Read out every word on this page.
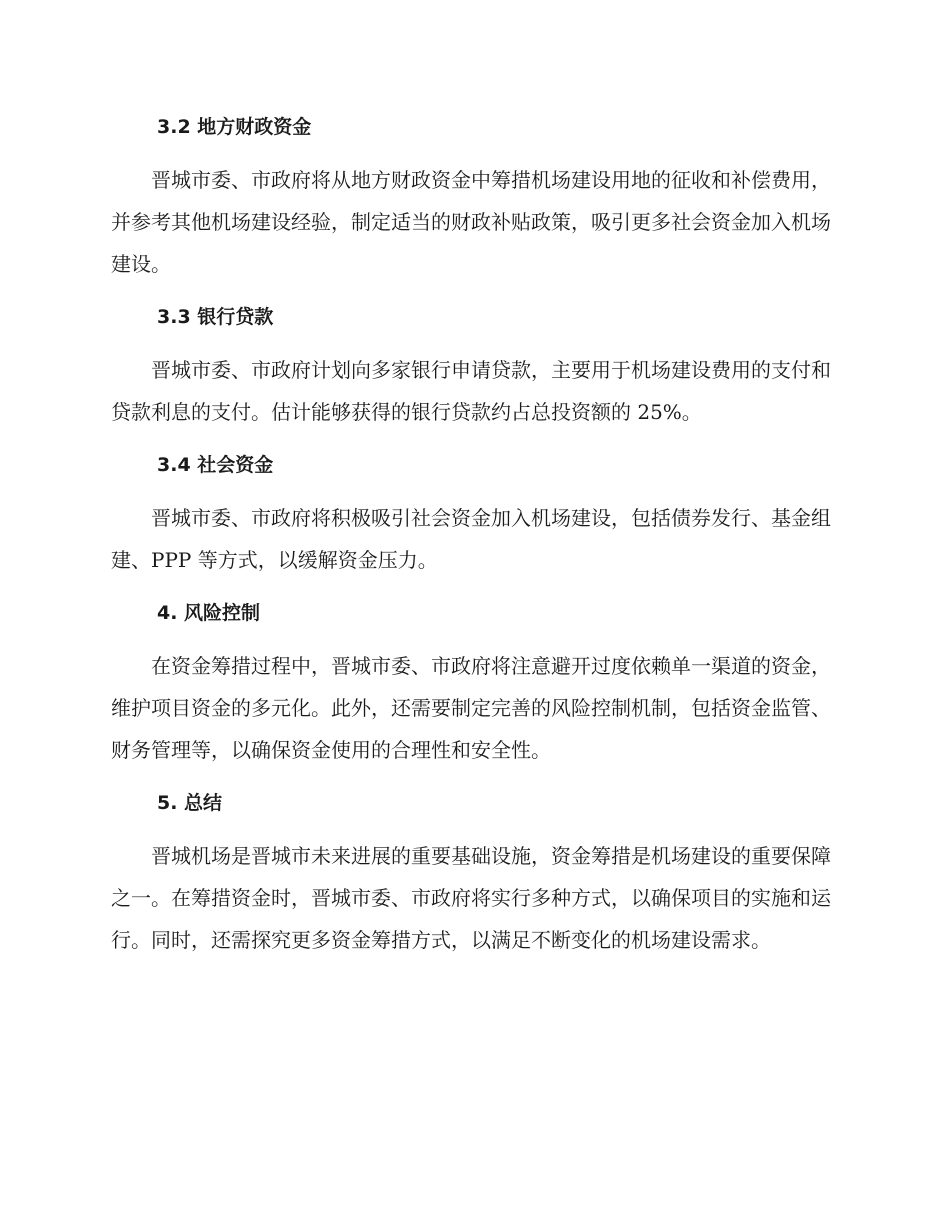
3.2 地方财政资金

晋城市委、市政府将从地方财政资金中筹措机场建设用地的征收和补偿费用，并参考其他机场建设经验，制定适当的财政补贴政策，吸引更多社会资金加入机场建设。

3.3 银行贷款

晋城市委、市政府计划向多家银行申请贷款，主要用于机场建设费用的支付和贷款利息的支付。估计能够获得的银行贷款约占总投资额的 25%。

3.4 社会资金

晋城市委、市政府将积极吸引社会资金加入机场建设，包括债券发行、基金组建、PPP 等方式，以缓解资金压力。

4. 风险控制

在资金筹措过程中，晋城市委、市政府将注意避开过度依赖单一渠道的资金，维护项目资金的多元化。此外，还需要制定完善的风险控制机制，包括资金监管、财务管理等，以确保资金使用的合理性和安全性。

5. 总结

晋城机场是晋城市未来进展的重要基础设施，资金筹措是机场建设的重要保障之一。在筹措资金时，晋城市委、市政府将实行多种方式，以确保项目的实施和运行。同时，还需探究更多资金筹措方式，以满足不断变化的机场建设需求。
